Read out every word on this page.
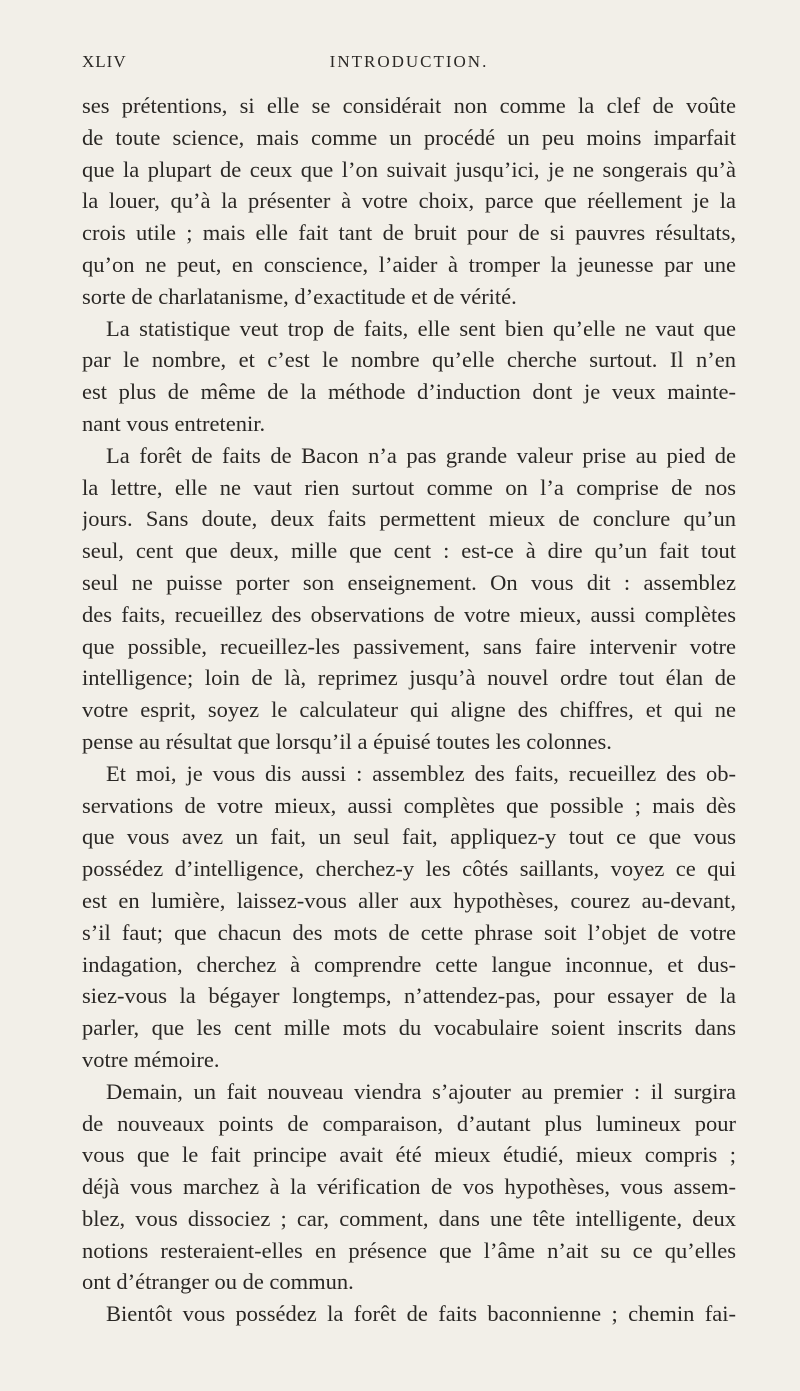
XLIV	INTRODUCTION.
ses prétentions, si elle se considérait non comme la clef de voûte
de toute science, mais comme un procédé un peu moins imparfait
que la plupart de ceux que l’on suivait jusqu’ici, je ne songerais qu’à
la louer, qu’à la présenter à votre choix, parce que réellement je la
crois utile ; mais elle fait tant de bruit pour de si pauvres résultats,
qu’on ne peut, en conscience, l’aider à tromper la jeunesse par une
sorte de charlatanisme, d’exactitude et de vérité.
La statistique veut trop de faits, elle sent bien qu’elle ne vaut que
par le nombre, et c’est le nombre qu’elle cherche surtout. Il n’en
est plus de même de la méthode d’induction dont je veux mainte-
nant vous entretenir.
La forêt de faits de Bacon n’a pas grande valeur prise au pied de
la lettre, elle ne vaut rien surtout comme on l’a comprise de nos
jours. Sans doute, deux faits permettent mieux de conclure qu’un
seul, cent que deux, mille que cent : est-ce à dire qu’un fait tout
seul ne puisse porter son enseignement. On vous dit : assemblez
des faits, recueillez des observations de votre mieux, aussi complètes
que possible, recueillez-les passivement, sans faire intervenir votre
intelligence; loin de là, reprimez jusqu’à nouvel ordre tout élan de
votre esprit, soyez le calculateur qui aligne des chiffres, et qui ne
pense au résultat que lorsqu’il a épuisé toutes les colonnes.
Et moi, je vous dis aussi : assemblez des faits, recueillez des ob-
servations de votre mieux, aussi complètes que possible ; mais dès
que vous avez un fait, un seul fait, appliquez-y tout ce que vous
possédez d’intelligence, cherchez-y les côtés saillants, voyez ce qui
est en lumière, laissez-vous aller aux hypothèses, courez au-devant,
s’il faut; que chacun des mots de cette phrase soit l’objet de votre
indagation, cherchez à comprendre cette langue inconnue, et dus-
siez-vous la bégayer longtemps, n’attendez-pas, pour essayer de la
parler, que les cent mille mots du vocabulaire soient inscrits dans
votre mémoire.
Demain, un fait nouveau viendra s’ajouter au premier : il surgira
de nouveaux points de comparaison, d’autant plus lumineux pour
vous que le fait principe avait été mieux étudié, mieux compris ;
déjà vous marchez à la vérification de vos hypothèses, vous assem-
blez, vous dissociez ; car, comment, dans une tête intelligente, deux
notions resteraient-elles en présence que l’âme n’ait su ce qu’elles
ont d’étranger ou de commun.
Bientôt vous possédez la forêt de faits baconnienne ; chemin fai-
